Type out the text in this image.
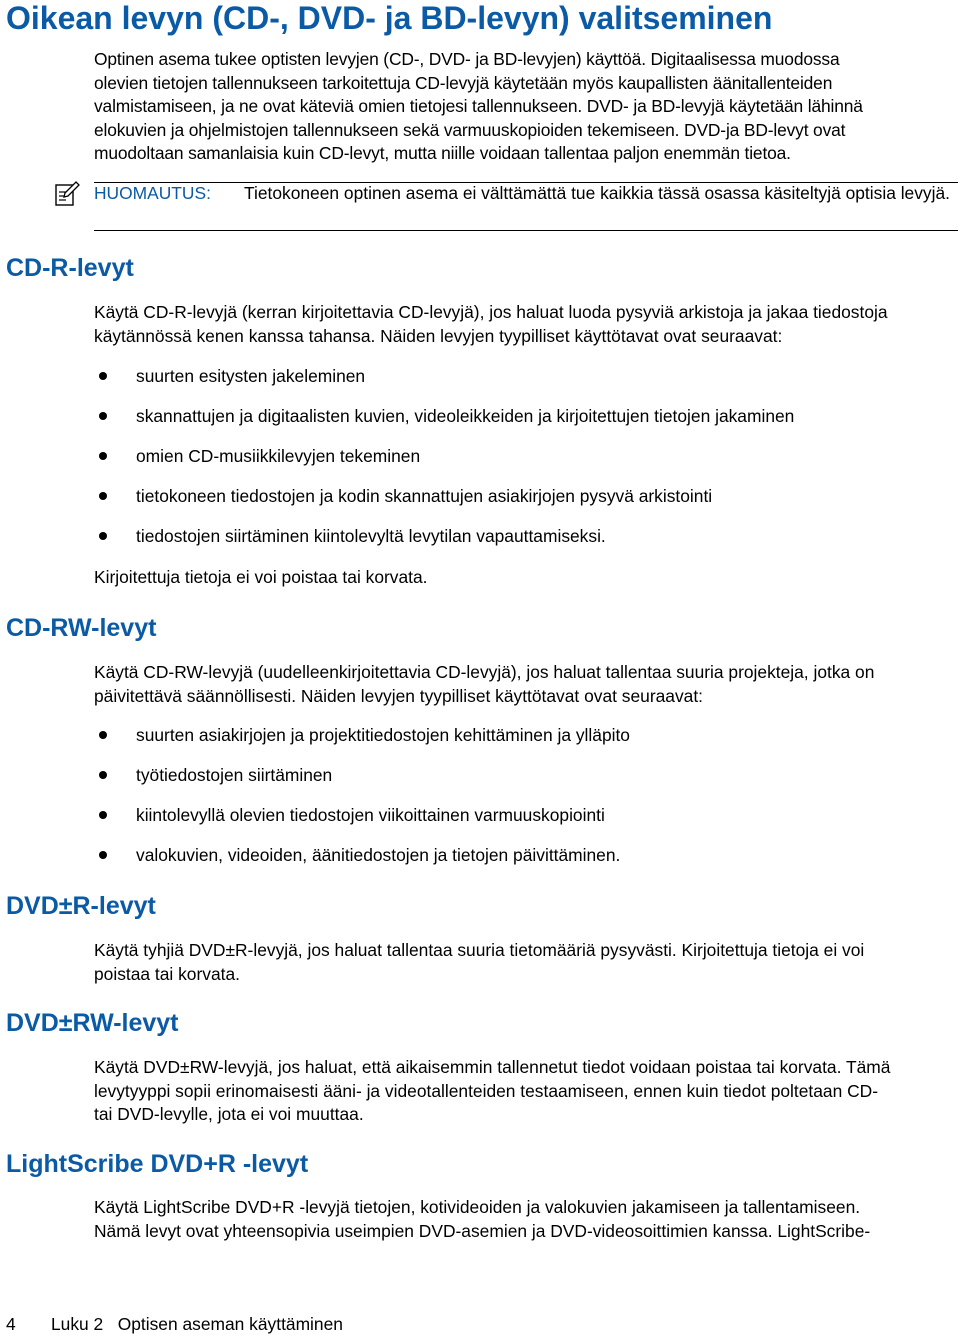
Oikean levyn (CD-, DVD- ja BD-levyn) valitseminen

Optinen asema tukee optisten levyjen (CD-, DVD- ja BD-levyjen) käyttöä. Digitaalisessa muodossa
olevien tietojen tallennukseen tarkoitettuja CD-levyjä käytetään myös kaupallisten äänitallenteiden
valmistamiseen, ja ne ovat käteviä omien tietojesi tallennukseen. DVD- ja BD-levyjä käytetään lähinnä
elokuvien ja ohjelmistojen tallennukseen sekä varmuuskopioiden tekemiseen. DVD-ja BD-levyt ovat
muodoltaan samanlaisia kuin CD-levyt, mutta niille voidaan tallentaa paljon enemmän tietoa.

HUOMAUTUS: Tietokoneen optinen asema ei välttämättä tue kaikkia tässä osassa käsiteltyjä optisia levyjä.

CD-R-levyt

Käytä CD-R-levyjä (kerran kirjoitettavia CD-levyjä), jos haluat luoda pysyviä arkistoja ja jakaa tiedostoja
käytännössä kenen kanssa tahansa. Näiden levyjen tyypilliset käyttötavat ovat seuraavat:

suurten esitysten jakeleminen
skannattujen ja digitaalisten kuvien, videoleikkeiden ja kirjoitettujen tietojen jakaminen
omien CD-musiikkilevyjen tekeminen
tietokoneen tiedostojen ja kodin skannattujen asiakirjojen pysyvä arkistointi
tiedostojen siirtäminen kiintolevyltä levytilan vapauttamiseksi.

Kirjoitettuja tietoja ei voi poistaa tai korvata.

CD-RW-levyt

Käytä CD-RW-levyjä (uudelleenkirjoitettavia CD-levyjä), jos haluat tallentaa suuria projekteja, jotka on
päivitettävä säännöllisesti. Näiden levyjen tyypilliset käyttötavat ovat seuraavat:

suurten asiakirjojen ja projektitiedostojen kehittäminen ja ylläpito
työtiedostojen siirtäminen
kiintolevyllä olevien tiedostojen viikoittainen varmuuskopiointi
valokuvien, videoiden, äänitiedostojen ja tietojen päivittäminen.
DVD±R-levyt

Käytä tyhjiä DVD±R-levyjä, jos haluat tallentaa suuria tietomääriä pysyvästi. Kirjoitettuja tietoja ei voi
poistaa tai korvata.

DVD±RW-levyt

Käytä DVD±RW-levyjä, jos haluat, että aikaisemmin tallennetut tiedot voidaan poistaa tai korvata. Tämä
levytyyppi sopii erinomaisesti ääni- ja videotallenteiden testaamiseen, ennen kuin tiedot poltetaan CD-
tai DVD-levylle, jota ei voi muuttaa.

LightScribe DVD+R -levyt

Käytä LightScribe DVD+R -levyjä tietojen, kotivideoiden ja valokuvien jakamiseen ja tallentamiseen.
Nämä levyt ovat yhteensopivia useimpien DVD-asemien ja DVD-videosoittimien kanssa. LightScribe-

4 Luku 2   Optisen aseman käyttäminen
